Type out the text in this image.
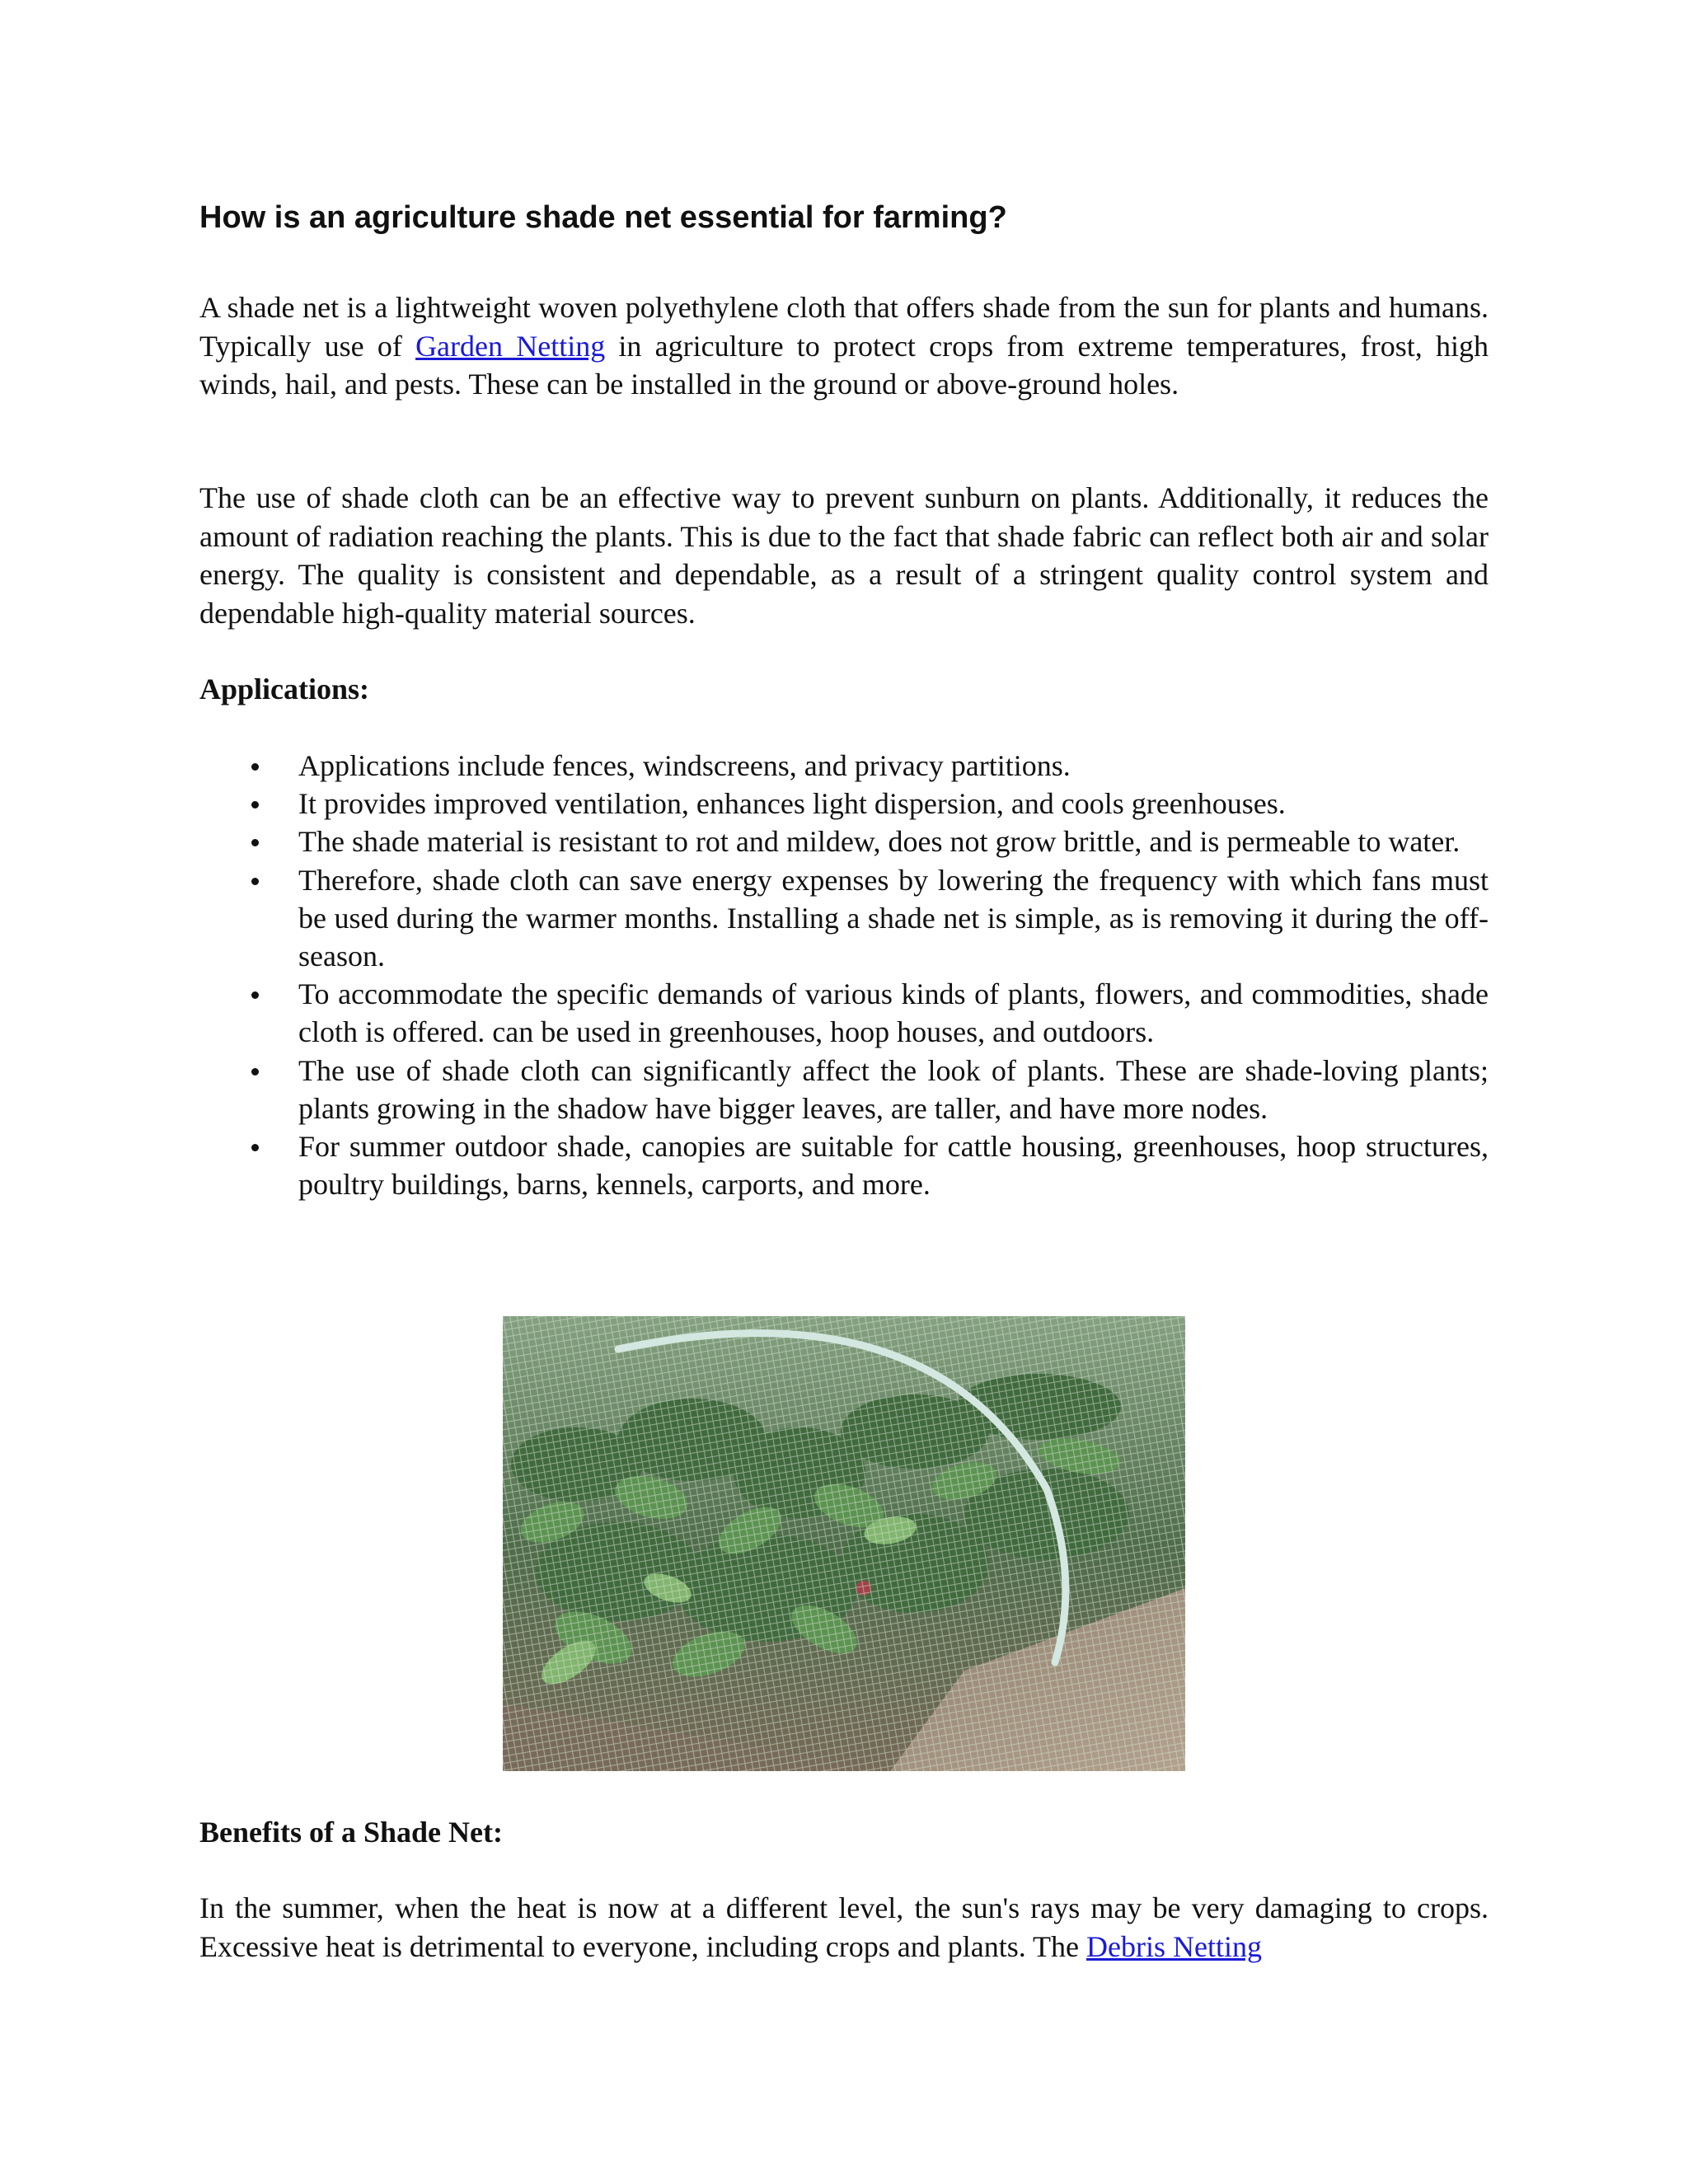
How is an agriculture shade net essential for farming?

A shade net is a lightweight woven polyethylene cloth that offers shade from the sun for plants and humans. Typically use of Garden Netting in agriculture to protect crops from extreme temperatures, frost, high winds, hail, and pests. These can be installed in the ground or above-ground holes.

The use of shade cloth can be an effective way to prevent sunburn on plants. Additionally, it reduces the amount of radiation reaching the plants. This is due to the fact that shade fabric can reflect both air and solar energy. The quality is consistent and dependable, as a result of a stringent quality control system and dependable high-quality material sources.

Applications:
Applications include fences, windscreens, and privacy partitions.
It provides improved ventilation, enhances light dispersion, and cools greenhouses.
The shade material is resistant to rot and mildew, does not grow brittle, and is permeable to water.
Therefore, shade cloth can save energy expenses by lowering the frequency with which fans must be used during the warmer months. Installing a shade net is simple, as is removing it during the off-season.
To accommodate the specific demands of various kinds of plants, flowers, and commodities, shade cloth is offered. can be used in greenhouses, hoop houses, and outdoors.
The use of shade cloth can significantly affect the look of plants. These are shade-loving plants; plants growing in the shadow have bigger leaves, are taller, and have more nodes.
For summer outdoor shade, canopies are suitable for cattle housing, greenhouses, hoop structures, poultry buildings, barns, kennels, carports, and more.
Benefits of a Shade Net:

In the summer, when the heat is now at a different level, the sun's rays may be very damaging to crops. Excessive heat is detrimental to everyone, including crops and plants. The Debris Netting
